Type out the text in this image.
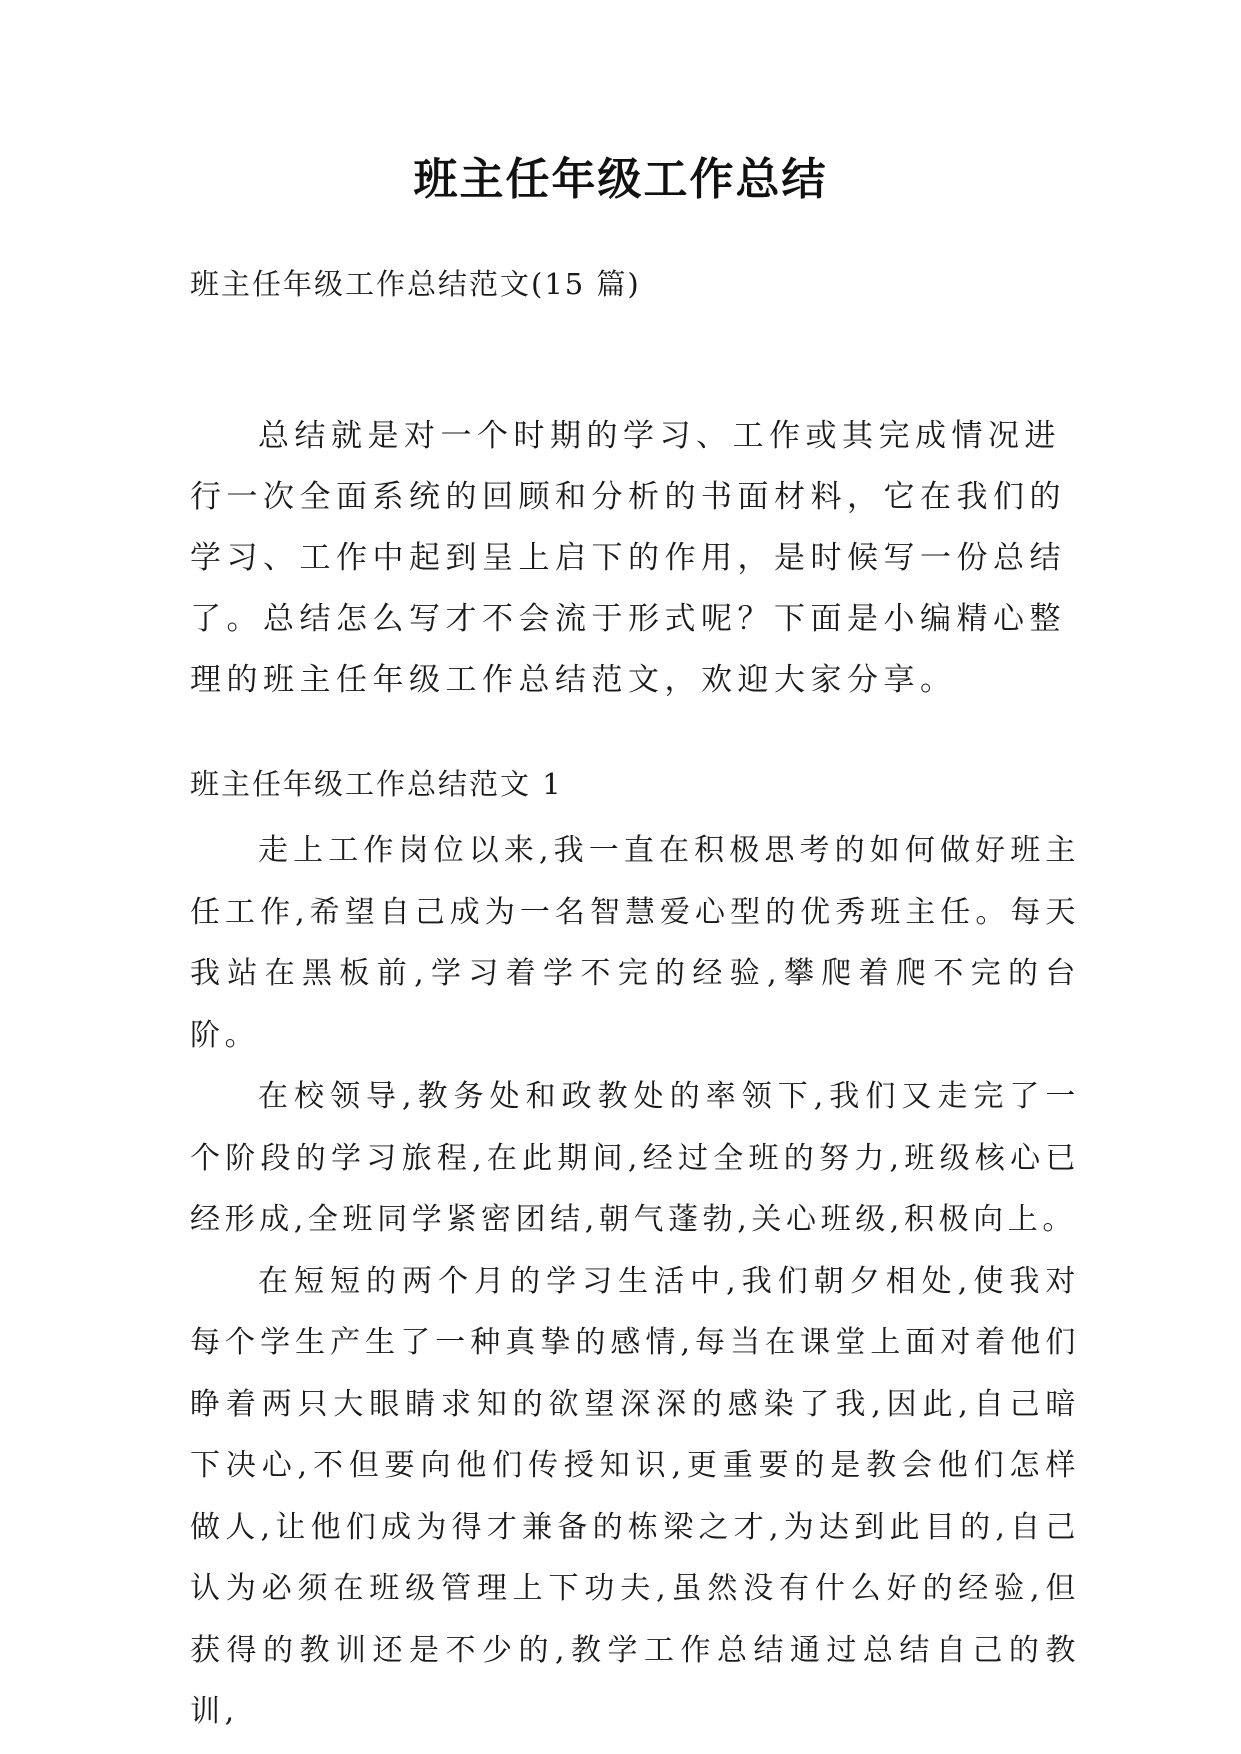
班主任年级工作总结
班主任年级工作总结范文(15 篇)

总结就是对一个时期的学习、工作或其完成情况进行一次全面系统的回顾和分析的书面材料，它在我们的学习、工作中起到呈上启下的作用，是时候写一份总结了。总结怎么写才不会流于形式呢？下面是小编精心整理的班主任年级工作总结范文，欢迎大家分享。

班主任年级工作总结范文 1

走上工作岗位以来,我一直在积极思考的如何做好班主任工作,希望自己成为一名智慧爱心型的优秀班主任。每天我站在黑板前,学习着学不完的经验,攀爬着爬不完的台阶。

在校领导,教务处和政教处的率领下,我们又走完了一个阶段的学习旅程,在此期间,经过全班的努力,班级核心已经形成,全班同学紧密团结,朝气蓬勃,关心班级,积极向上。

在短短的两个月的学习生活中,我们朝夕相处,使我对每个学生产生了一种真挚的感情,每当在课堂上面对着他们睁着两只大眼睛求知的欲望深深的感染了我,因此,自己暗下决心,不但要向他们传授知识,更重要的是教会他们怎样做人,让他们成为得才兼备的栋梁之才,为达到此目的,自己认为必须在班级管理上下功夫,虽然没有什么好的经验,但获得的教训还是不少的,教学工作总结通过总结自己的教训,
